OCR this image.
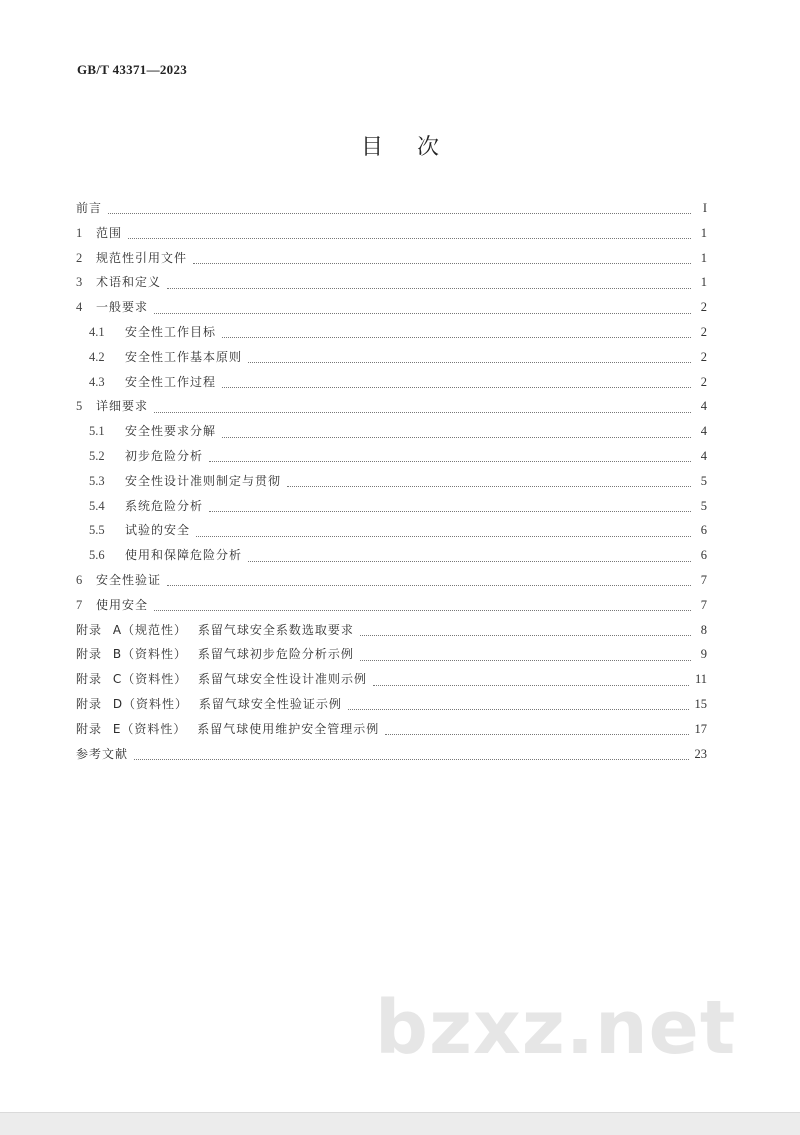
GB/T 43371—2023
目 次
前言	I
1	范围	1
2	规范性引用文件	1
3	术语和定义	1
4	一般要求	2
4.1	安全性工作目标	2
4.2	安全性工作基本原则	2
4.3	安全性工作过程	2
5	详细要求	4
5.1	安全性要求分解	4
5.2	初步危险分析	4
5.3	安全性设计准则制定与贯彻	5
5.4	系统危险分析	5
5.5	试验的安全	6
5.6	使用和保障危险分析	6
6	安全性验证	7
7	使用安全	7
附录 A（规范性） 系留气球安全系数选取要求	8
附录 B（资料性） 系留气球初步危险分析示例	9
附录 C（资料性） 系留气球安全性设计准则示例	11
附录 D（资料性） 系留气球安全性验证示例	15
附录 E（资料性） 系留气球使用维护安全管理示例	17
参考文献	23
bzxz.net
